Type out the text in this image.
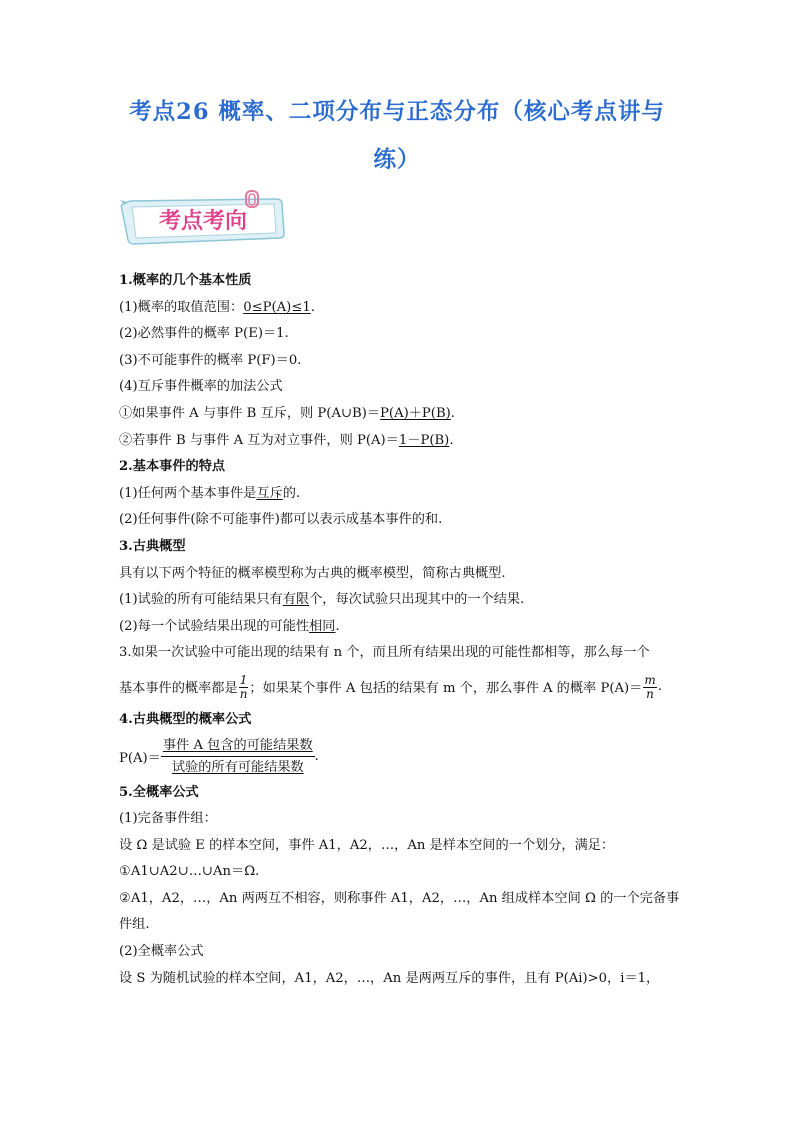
考点26 概率、二项分布与正态分布（核心考点讲与
练）
考点考向
1.概率的几个基本性质
(1)概率的取值范围：0≤P(A)≤1.
(2)必然事件的概率 P(E)＝1.
(3)不可能事件的概率 P(F)＝0.
(4)互斥事件概率的加法公式
①如果事件 A 与事件 B 互斥，则 P(A∪B)＝P(A)＋P(B).
②若事件 B 与事件 A 互为对立事件，则 P(A)＝1－P(B).
2.基本事件的特点
(1)任何两个基本事件是互斥的.
(2)任何事件(除不可能事件)都可以表示成基本事件的和.
3.古典概型
具有以下两个特征的概率模型称为古典的概率模型，简称古典概型.
(1)试验的所有可能结果只有有限个，每次试验只出现其中的一个结果.
(2)每一个试验结果出现的可能性相同.
3.如果一次试验中可能出现的结果有 n 个，而且所有结果出现的可能性都相等，那么每一个
基本事件的概率都是 $\frac{1}{n}$ ；如果某个事件 A 包括的结果有 m 个，那么事件 A 的概率 $P(A)= \frac{m}{n}$ .
4.古典概型的概率公式
$P(A)= \frac{\text{事件 A 包含的可能结果数}}{\text{试验的所有可能结果数}}$ .
5.全概率公式
(1)完备事件组：
设 Ω 是试验 E 的样本空间，事件 A1，A2，…，An 是样本空间的一个划分，满足：
①A1∪A2∪…∪An＝Ω.
②A1，A2，…，An 两两互不相容，则称事件 A1，A2，…，An 组成样本空间 Ω 的一个完备事
件组.
(2)全概率公式
设 S 为随机试验的样本空间，A1，A2，…，An 是两两互斥的事件，且有 P(Ai)>0，i＝1，
